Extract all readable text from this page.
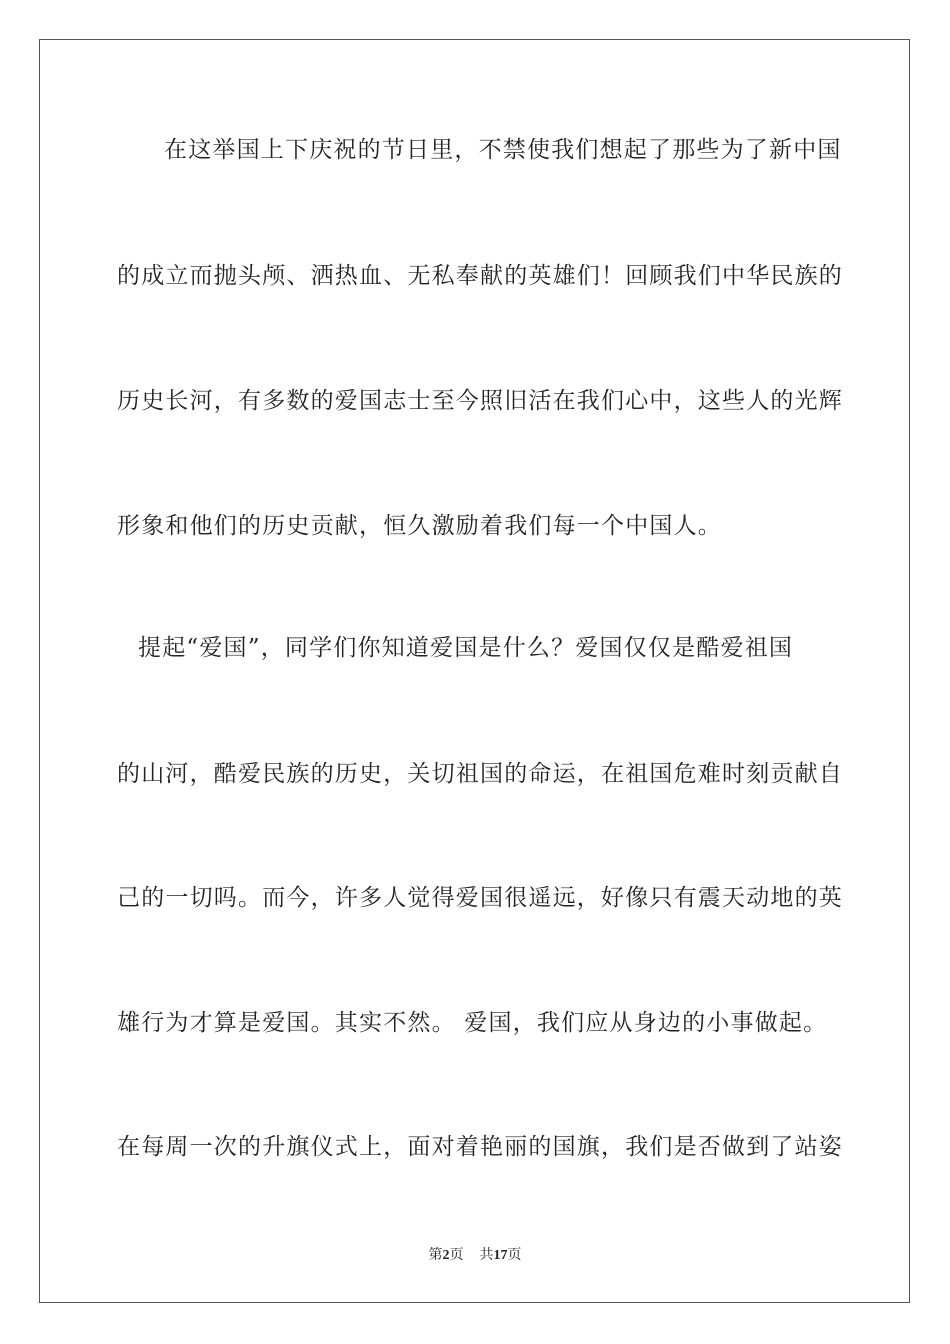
在这举国上下庆祝的节日里，不禁使我们想起了那些为了新中国
的成立而抛头颅、洒热血、无私奉献的英雄们！回顾我们中华民族的
历史长河，有多数的爱国志士至今照旧活在我们心中，这些人的光辉
形象和他们的历史贡献，恒久激励着我们每一个中国人。
提起“爱国”，同学们你知道爱国是什么？爱国仅仅是酷爱祖国
的山河，酷爱民族的历史，关切祖国的命运，在祖国危难时刻贡献自
己的一切吗。而今，许多人觉得爱国很遥远，好像只有震天动地的英
雄行为才算是爱国。其实不然。 爱国，我们应从身边的小事做起。
在每周一次的升旗仪式上，面对着艳丽的国旗，我们是否做到了站姿
第2页 共17页
